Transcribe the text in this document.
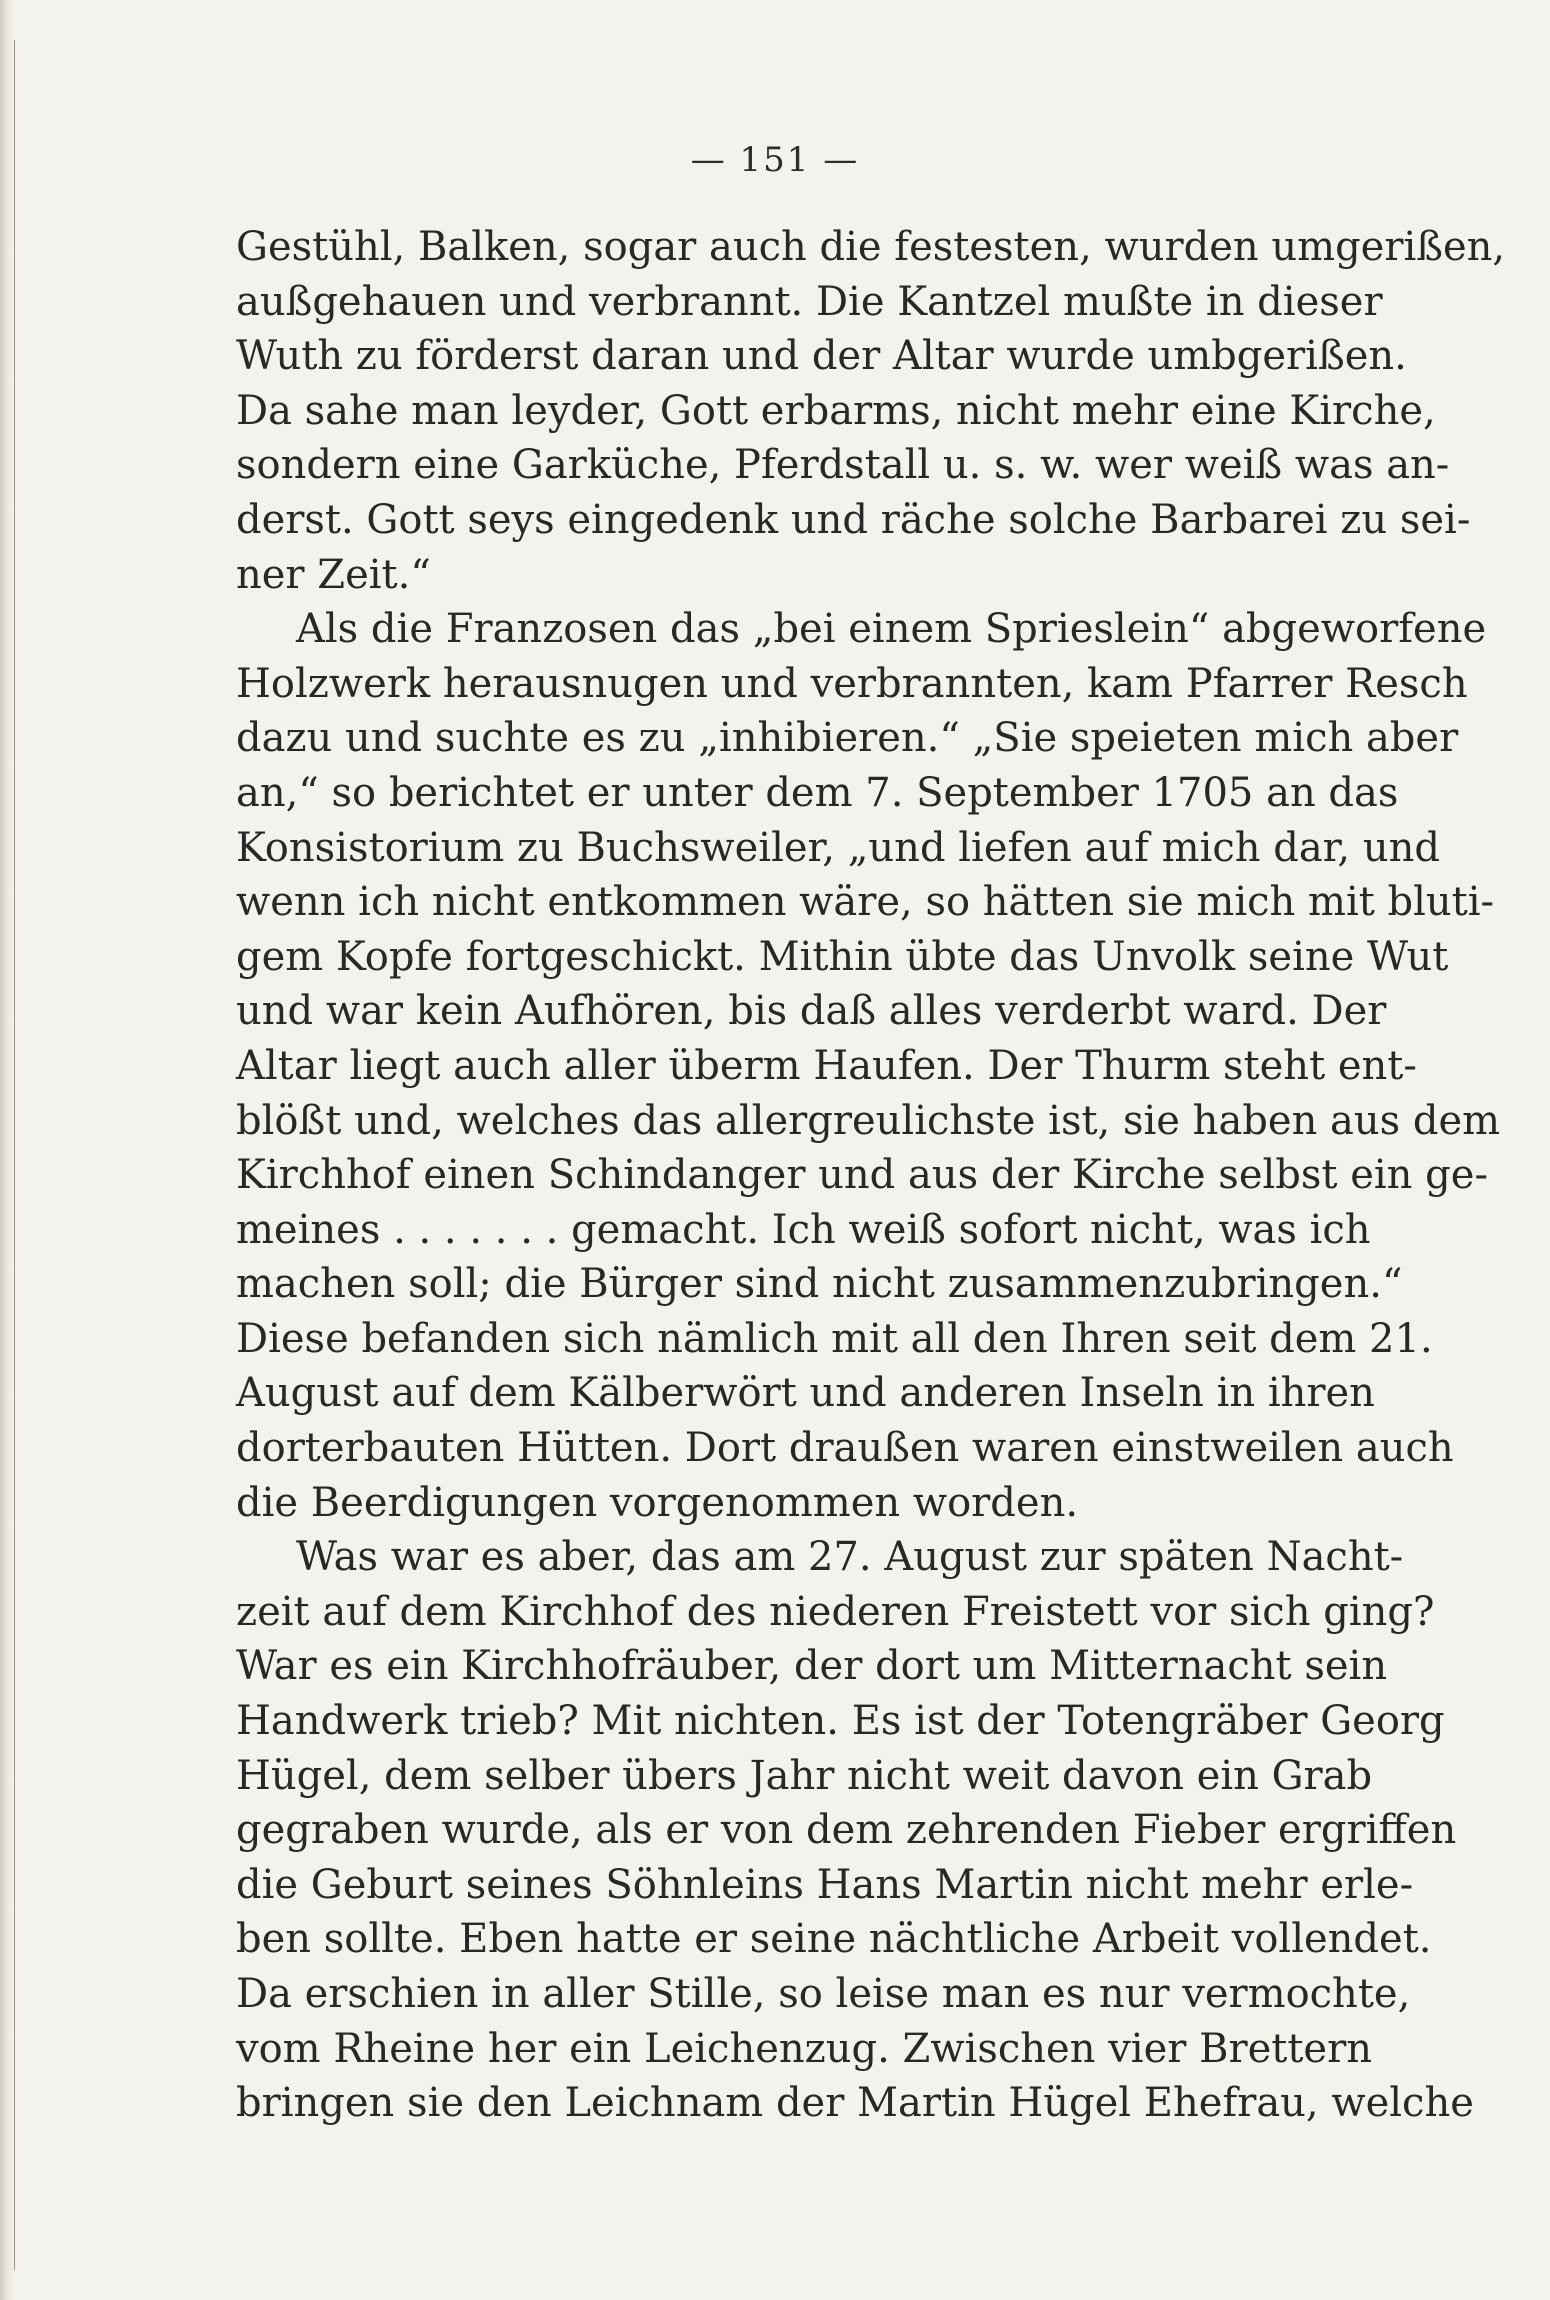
— 151 —
Gestühl, Balken, sogar auch die festesten, wurden umgerißen,
außgehauen und verbrannt. Die Kantzel mußte in dieser
Wuth zu förderst daran und der Altar wurde umbgerißen.
Da sahe man leyder, Gott erbarms, nicht mehr eine Kirche,
sondern eine Garküche, Pferdstall u. s. w. wer weiß was an-
derst. Gott seys eingedenk und räche solche Barbarei zu sei-
ner Zeit.“
Als die Franzosen das „bei einem Sprieslein“ abgeworfene
Holzwerk herausnugen und verbrannten, kam Pfarrer Resch
dazu und suchte es zu „inhibieren.“ „Sie speieten mich aber
an,“ so berichtet er unter dem 7. September 1705 an das
Konsistorium zu Buchsweiler, „und liefen auf mich dar, und
wenn ich nicht entkommen wäre, so hätten sie mich mit bluti-
gem Kopfe fortgeschickt. Mithin übte das Unvolk seine Wut
und war kein Aufhören, bis daß alles verderbt ward. Der
Altar liegt auch aller überm Haufen. Der Thurm steht ent-
blößt und, welches das allergreulichste ist, sie haben aus dem
Kirchhof einen Schindanger und aus der Kirche selbst ein ge-
meines . . . . . . . gemacht. Ich weiß sofort nicht, was ich
machen soll; die Bürger sind nicht zusammenzubringen.“
Diese befanden sich nämlich mit all den Ihren seit dem 21.
August auf dem Kälberwört und anderen Inseln in ihren
dorterbauten Hütten. Dort draußen waren einstweilen auch
die Beerdigungen vorgenommen worden.
Was war es aber, das am 27. August zur späten Nacht-
zeit auf dem Kirchhof des niederen Freistett vor sich ging?
War es ein Kirchhofräuber, der dort um Mitternacht sein
Handwerk trieb? Mit nichten. Es ist der Totengräber Georg
Hügel, dem selber übers Jahr nicht weit davon ein Grab
gegraben wurde, als er von dem zehrenden Fieber ergriffen
die Geburt seines Söhnleins Hans Martin nicht mehr erle-
ben sollte. Eben hatte er seine nächtliche Arbeit vollendet.
Da erschien in aller Stille, so leise man es nur vermochte,
vom Rheine her ein Leichenzug. Zwischen vier Brettern
bringen sie den Leichnam der Martin Hügel Ehefrau, welche
